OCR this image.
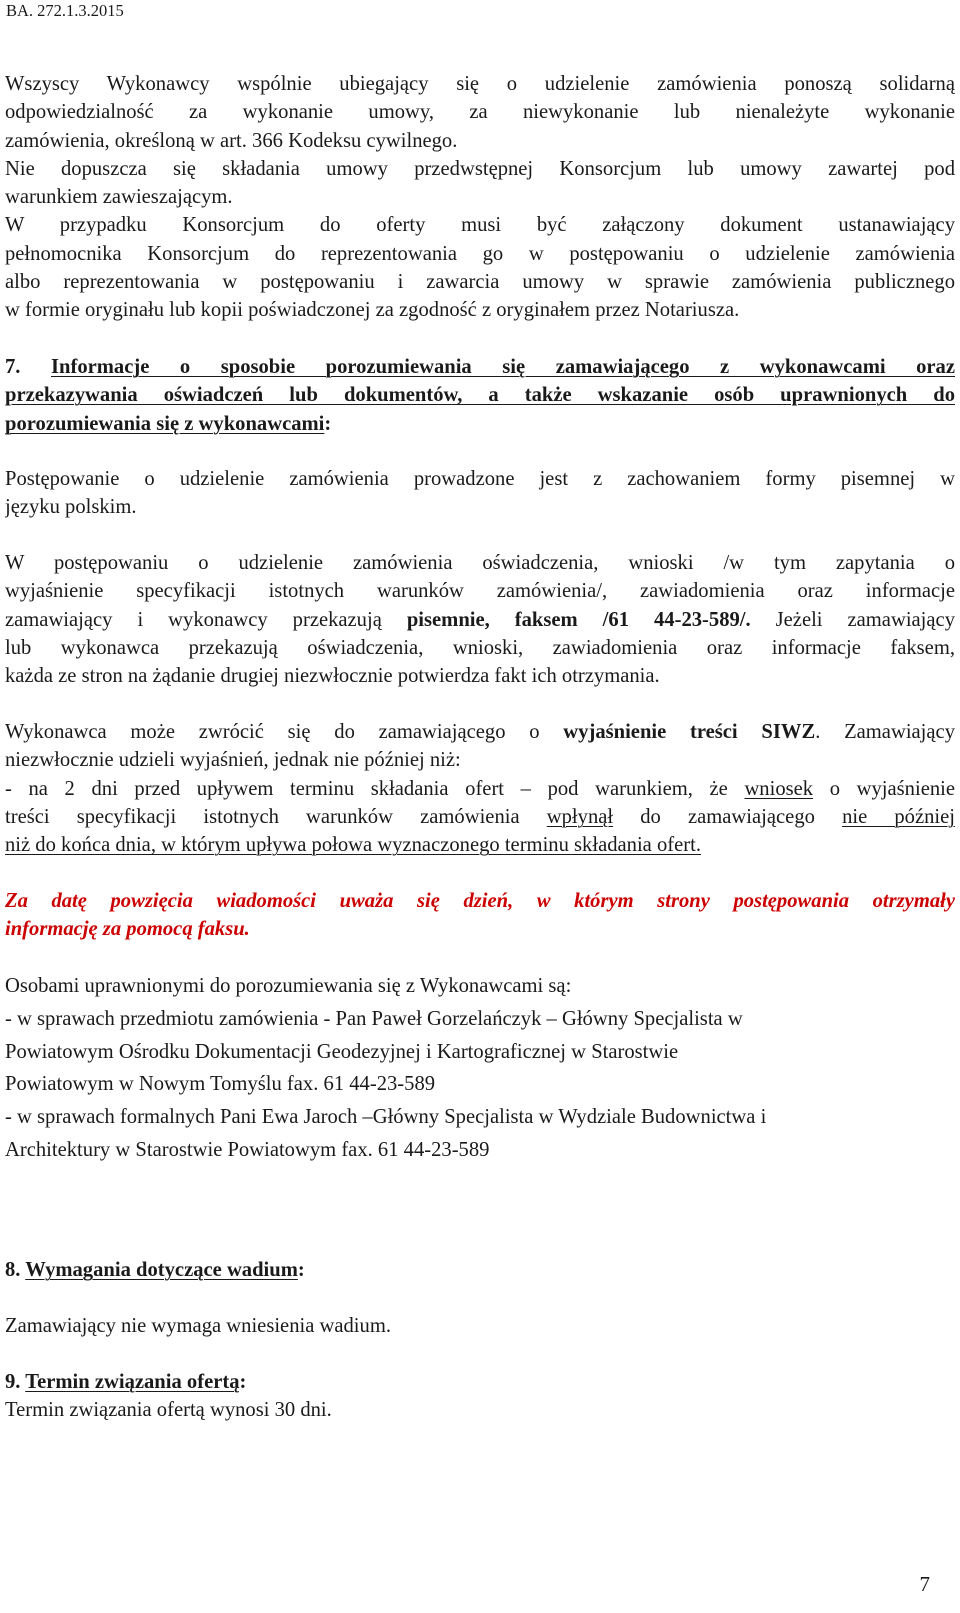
BA. 272.1.3.2015
Wszyscy Wykonawcy wspólnie ubiegający się o udzielenie zamówienia ponoszą solidarną
odpowiedzialność za wykonanie umowy, za niewykonanie lub nienależyte wykonanie
zamówienia, określoną w art. 366 Kodeksu cywilnego.
Nie dopuszcza się składania umowy przedwstępnej Konsorcjum lub umowy zawartej pod
warunkiem zawieszającym.
W przypadku Konsorcjum do oferty musi być załączony dokument ustanawiający
pełnomocnika Konsorcjum do reprezentowania go w postępowaniu o udzielenie zamówienia
albo reprezentowania w postępowaniu i zawarcia umowy w sprawie zamówienia publicznego
w formie oryginału lub kopii poświadczonej za zgodność z oryginałem przez Notariusza.
7. Informacje o sposobie porozumiewania się zamawiającego z wykonawcami oraz
przekazywania oświadczeń lub dokumentów, a także wskazanie osób uprawnionych do
porozumiewania się z wykonawcami:
Postępowanie o udzielenie zamówienia prowadzone jest z zachowaniem formy pisemnej w
języku polskim.
W postępowaniu o udzielenie zamówienia oświadczenia, wnioski /w tym zapytania o
wyjaśnienie specyfikacji istotnych warunków zamówienia/, zawiadomienia oraz informacje
zamawiający i wykonawcy przekazują pisemnie, faksem /61 44-23-589/. Jeżeli zamawiający
lub wykonawca przekazują oświadczenia, wnioski, zawiadomienia oraz informacje faksem,
każda ze stron na żądanie drugiej niezwłocznie potwierdza fakt ich otrzymania.
Wykonawca może zwrócić się do zamawiającego o wyjaśnienie treści SIWZ. Zamawiający
niezwłocznie udzieli wyjaśnień, jednak nie później niż:
- na 2 dni przed upływem terminu składania ofert – pod warunkiem, że wniosek o wyjaśnienie
treści specyfikacji istotnych warunków zamówienia wpłynął do zamawiającego nie później
niż do końca dnia, w którym upływa połowa wyznaczonego terminu składania ofert.
Za datę powzięcia wiadomości uważa się dzień, w którym strony postępowania otrzymały
informację za pomocą faksu.
Osobami uprawnionymi do porozumiewania się z Wykonawcami są:
- w sprawach przedmiotu zamówienia - Pan Paweł Gorzelańczyk – Główny Specjalista w
Powiatowym Ośrodku Dokumentacji Geodezyjnej i Kartograficznej w Starostwie
Powiatowym w Nowym Tomyślu fax. 61 44-23-589
- w sprawach formalnych Pani Ewa Jaroch –Główny Specjalista w Wydziale Budownictwa i
Architektury w Starostwie Powiatowym fax. 61 44-23-589
8. Wymagania dotyczące wadium:
Zamawiający nie wymaga wniesienia wadium.
9. Termin związania ofertą:
Termin związania ofertą wynosi 30 dni.
7
